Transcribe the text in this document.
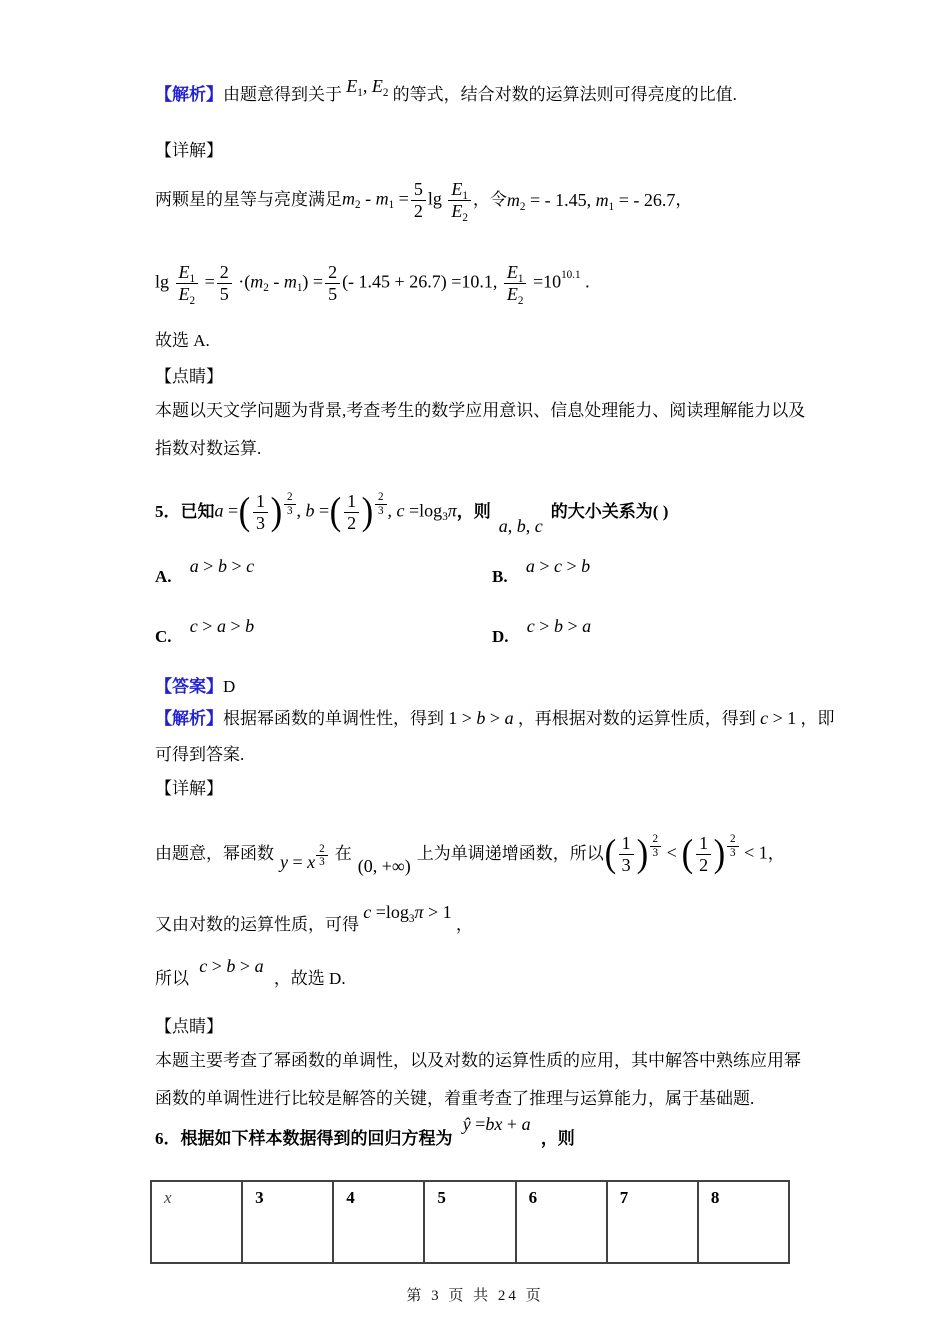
【解析】由题意得到关于 E1, E2 的等式，结合对数的运算法则可得亮度的比值.
【详解】
两颗星的星等与亮度满足 $m2 - m1 = \frac{5}{2}$ $\lg \frac{E1}{E2}$ ，令 m2 = - 1.45, m1 = - 26.7 ，
$\lg \frac{E1}{E2} = \frac{2}{5} \cdot(m2 - m1) = \frac{2}{5}$ (- 1.45 + 26.7) =10.1, $\frac{E1}{E2} =1010.1$ .
故选 A.
【点睛】
本题以天文学问题为背景,考查考生的数学应用意识、信息处理能力、阅读理解能力以及
指数对数运算.
5． 已知 a =( $\frac{1}{3}$ ) $\frac{2}{3}$ , b =( $\frac{1}{2}$ ) $\frac{2}{3}$ , c =log3π ，则
a, b, c
的大小关系为( )
A. a > b > cB. a > c > b
C. c > a > bD. c > b > a
【答案】D
【解析】根据幂函数的单调性性，得到 1 > b > a ，再根据对数的运算性质，得到 c > 1 ，即
可得到答案.
【详解】
由题意，幂函数 y = x $\frac{2}{3}$ 在
(0, +∞)
上为单调递增函数，所以 ( $\frac{1}{3}$ ) $\frac{2}{3}$ < ( $\frac{1}{2}$ ) $\frac{2}{3} < 1$ ，
又由对数的运算性质，可得 c =log3π > 1 ，
所以 c > b > a ，故选 D.
【点睛】
本题主要考查了幂函数的单调性，以及对数的运算性质的应用，其中解答中熟练应用幂
函数的单调性进行比较是解答的关键，着重考查了推理与运算能力，属于基础题.
6．根据如下样本数据得到的回归方程为 ŷ =bx + a ，则
x	3	4	5	6	7	8
第 3 页 共 24 页
